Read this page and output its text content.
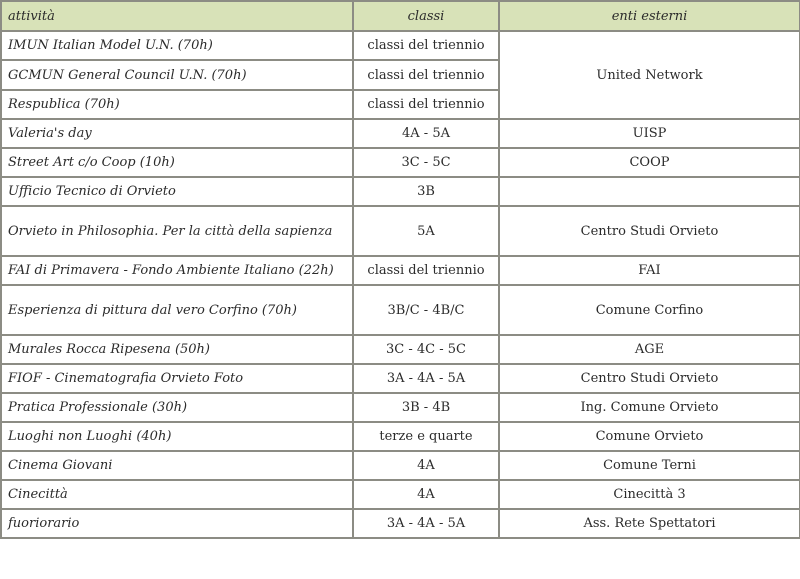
attività	classi	enti esterni
IMUN Italian Model U.N. (70h)	classi del triennio	United Network
GCMUN General Council U.N. (70h)	classi del triennio	
Respublica (70h)	classi del triennio	
Valeria's day	4A - 5A	UISP
Street Art c/o Coop (10h)	3C - 5C	COOP
Ufficio Tecnico di Orvieto	3B	
Orvieto in Philosophia. Per la città della sapienza	5A	Centro Studi Orvieto
FAI di Primavera - Fondo Ambiente Italiano (22h)	classi del triennio	FAI
Esperienza di pittura dal vero Corfino (70h)	3B/C - 4B/C	Comune Corfino
Murales Rocca Ripesena (50h)	3C - 4C - 5C	AGE
FIOF - Cinematografia Orvieto Foto	3A - 4A - 5A	Centro Studi Orvieto
Pratica Professionale (30h)	3B - 4B	Ing. Comune Orvieto
Luoghi non Luoghi (40h)	terze e quarte	Comune Orvieto
Cinema Giovani	4A	Comune Terni
Cinecittà	4A	Cinecittà 3
fuoriorario	3A - 4A - 5A	Ass. Rete Spettatori
